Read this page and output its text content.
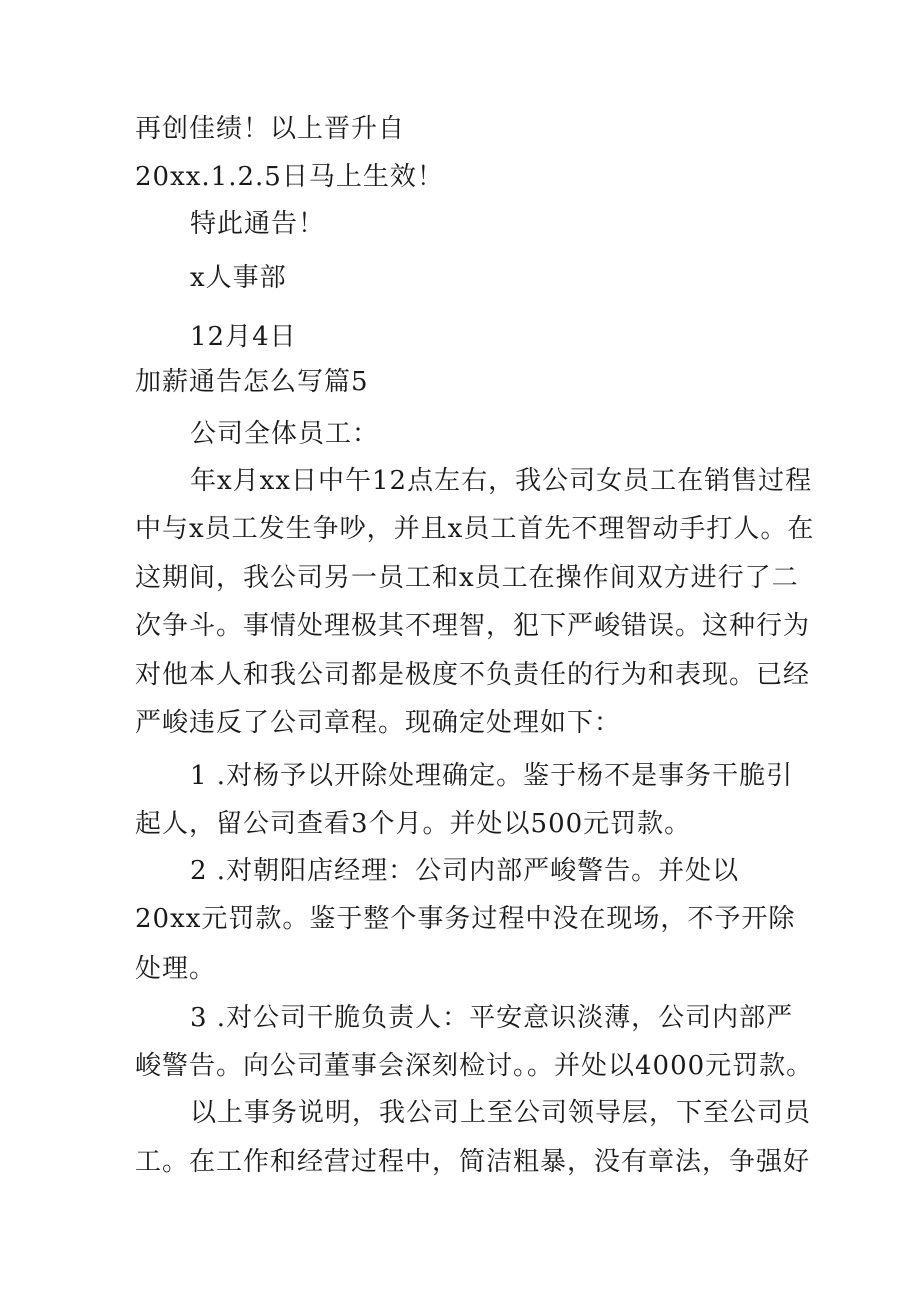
再创佳绩！以上晋升自
20xx.1.2.5日马上生效！
特此通告！
x人事部
12月4日
加薪通告怎么写篇5
公司全体员工：
年x月xx日中午12点左右，我公司女员工在销售过程
中与x员工发生争吵，并且x员工首先不理智动手打人。在
这期间，我公司另一员工和x员工在操作间双方进行了二
次争斗。事情处理极其不理智，犯下严峻错误。这种行为
对他本人和我公司都是极度不负责任的行为和表现。已经
严峻违反了公司章程。现确定处理如下：
1 .对杨予以开除处理确定。鉴于杨不是事务干脆引
起人，留公司查看3个月。并处以500元罚款。
2 .对朝阳店经理：公司内部严峻警告。并处以
20xx元罚款。鉴于整个事务过程中没在现场，不予开除
处理。
3 .对公司干脆负责人：平安意识淡薄，公司内部严
峻警告。向公司董事会深刻检讨。。并处以4000元罚款。
以上事务说明，我公司上至公司领导层，下至公司员
工。在工作和经营过程中，简洁粗暴，没有章法，争强好
